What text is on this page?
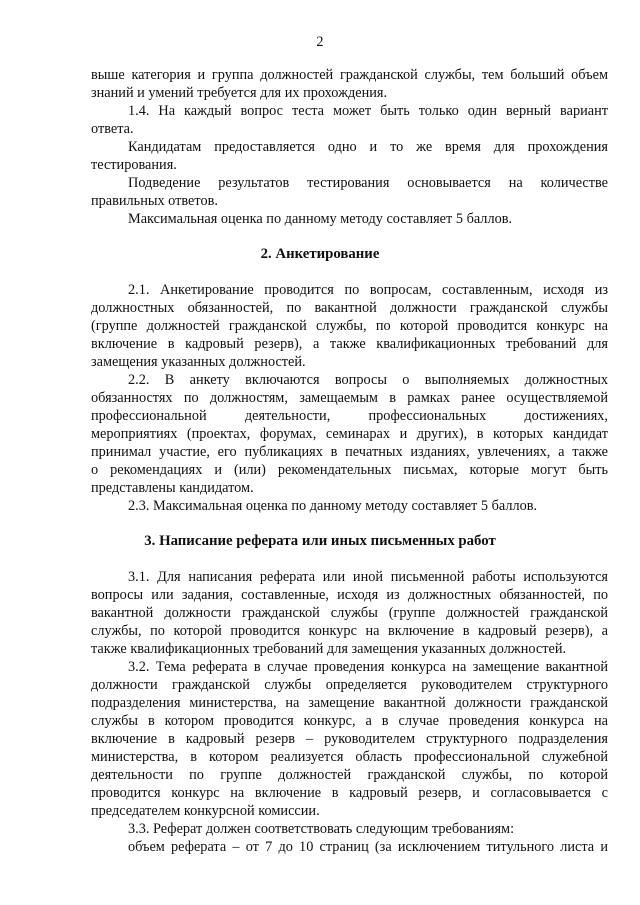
2
выше категория и группа должностей гражданской службы, тем больший объем
знаний и умений требуется для их прохождения.
1.4. На каждый вопрос теста может быть только один верный вариант
ответа.
Кандидатам предоставляется одно и то же время для прохождения
тестирования.
Подведение результатов тестирования основывается на количестве
правильных ответов.
Максимальная оценка по данному методу составляет 5 баллов.
2. Анкетирование
2.1. Анкетирование проводится по вопросам, составленным, исходя из
должностных обязанностей, по вакантной должности гражданской службы
(группе должностей гражданской службы, по которой проводится конкурс на
включение в кадровый резерв), а также квалификационных требований для
замещения указанных должностей.
2.2. В анкету включаются вопросы о выполняемых должностных
обязанностях по должностям, замещаемым в рамках ранее осуществляемой
профессиональной деятельности, профессиональных достижениях,
мероприятиях (проектах, форумах, семинарах и других), в которых кандидат
принимал участие, его публикациях в печатных изданиях, увлечениях, а также
о рекомендациях и (или) рекомендательных письмах, которые могут быть
представлены кандидатом.
2.3. Максимальная оценка по данному методу составляет 5 баллов.
3. Написание реферата или иных письменных работ
3.1. Для написания реферата или иной письменной работы используются
вопросы или задания, составленные, исходя из должностных обязанностей, по
вакантной должности гражданской службы (группе должностей гражданской
службы, по которой проводится конкурс на включение в кадровый резерв), а
также квалификационных требований для замещения указанных должностей.
3.2. Тема реферата в случае проведения конкурса на замещение вакантной
должности гражданской службы определяется руководителем структурного
подразделения министерства, на замещение вакантной должности гражданской
службы в котором проводится конкурс, а в случае проведения конкурса на
включение в кадровый резерв – руководителем структурного подразделения
министерства, в котором реализуется область профессиональной служебной
деятельности по группе должностей гражданской службы, по которой
проводится конкурс на включение в кадровый резерв, и согласовывается с
председателем конкурсной комиссии.
3.3. Реферат должен соответствовать следующим требованиям:
объем реферата – от 7 до 10 страниц (за исключением титульного листа и
